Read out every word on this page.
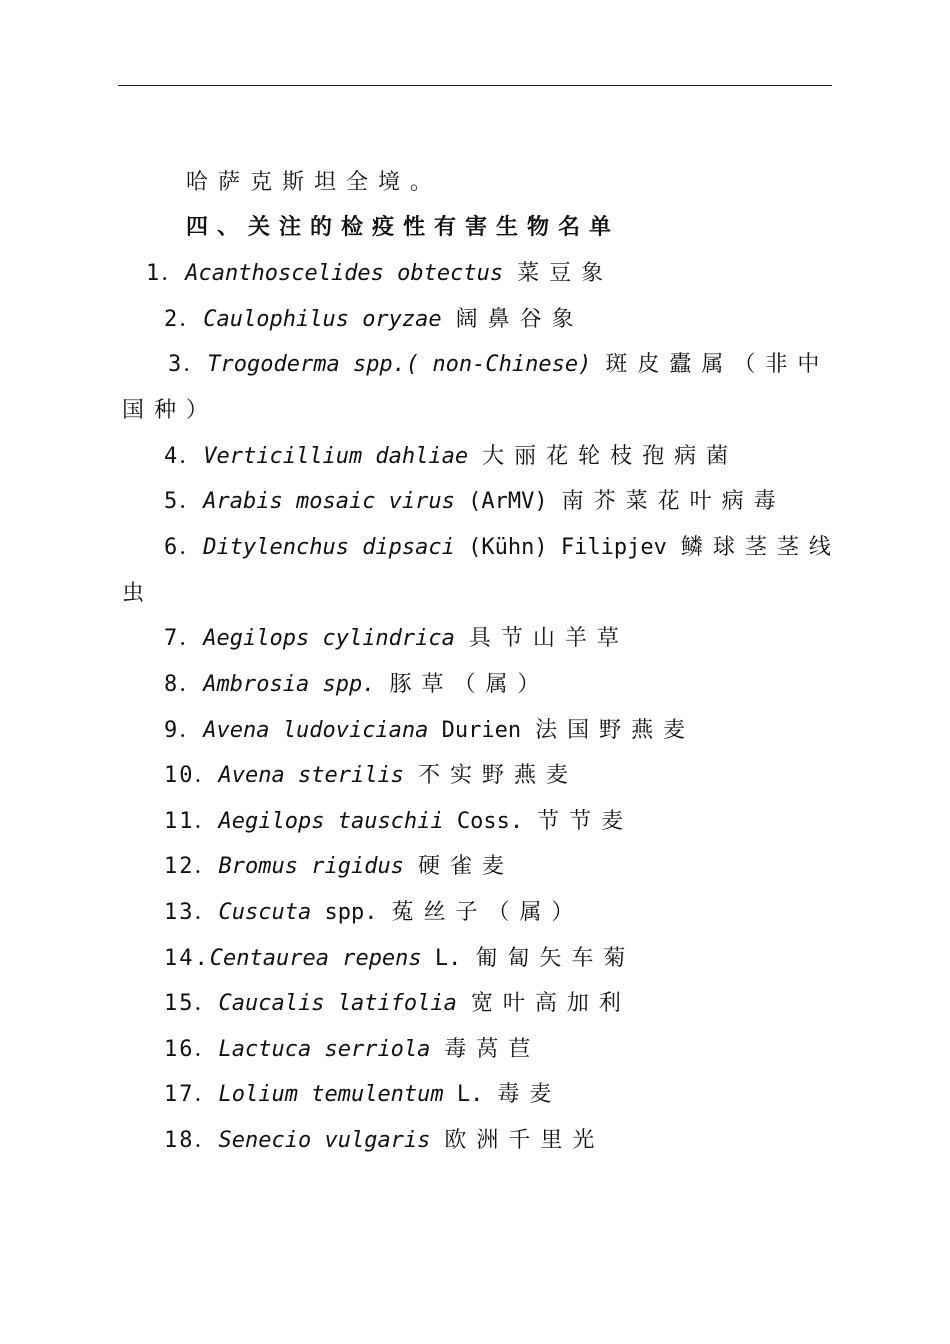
哈萨克斯坦全境。
四、关注的检疫性有害生物名单
1．Acanthoscelides obtectus 菜豆象
2．Caulophilus oryzae 阔鼻谷象
3．Trogoderma spp.( non-Chinese) 斑皮蠹属（非中
国种）
4．Verticillium dahliae 大丽花轮枝孢病菌
5．Arabis mosaic virus (ArMV) 南芥菜花叶病毒
6．Ditylenchus dipsaci (Kühn) Filipjev 鳞球茎茎线
虫
7．Aegilops cylindrica 具节山羊草
8．Ambrosia spp. 豚草（属）
9．Avena ludoviciana Durien 法国野燕麦
10．Avena sterilis 不实野燕麦
11．Aegilops tauschii Coss. 节节麦
12．Bromus rigidus 硬雀麦
13．Cuscuta spp. 菟丝子（属）
14.Centaurea repens L. 匍匐矢车菊
15．Caucalis latifolia 宽叶高加利
16．Lactuca serriola 毒莴苣
17．Lolium temulentum L. 毒麦
18．Senecio vulgaris 欧洲千里光
